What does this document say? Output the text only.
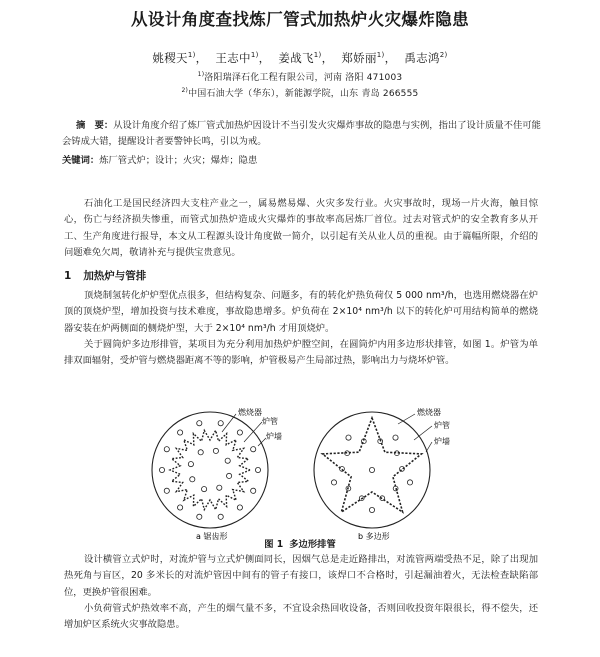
从设计角度查找炼厂管式加热炉火灾爆炸隐患
姚稷天$^{1)}$， 王志中$^{1)}$， 姜战飞$^{1)}$， 郑娇丽$^{1)}$， 禹志鸿$^{2)}$
$^{1)}$洛阳瑞泽石化工程有限公司，河南 洛阳 471003
$^{2)}$中国石油大学（华东），新能源学院，山东 青岛 266555
摘　要：从设计角度介绍了炼厂管式加热炉因设计不当引发火灾爆炸事故的隐患与实例，指出了设计质量不佳可能会铸成大错，提醒设计者要警钟长鸣，引以为戒。
关键词：炼厂管式炉；设计；火灾；爆炸；隐患
石油化工是国民经济四大支柱产业之一，属易燃易爆、火灾多发行业。火灾事故时，现场一片火海，触目惊心，伤亡与经济损失惨重，而管式加热炉造成火灾爆炸的事故率高居炼厂首位。过去对管式炉的安全教育多从开工、生产角度进行报导，本文从工程源头设计角度做一简介，以引起有关从业人员的重视。由于篇幅所限，介绍的问题难免欠周，敬请补充与提供宝贵意见。
1 加热炉与管排
顶烧制氢转化炉炉型优点很多，但结构复杂、问题多，有的转化炉热负荷仅 5 000 nm³/h，也选用燃烧器在炉顶的顶烧炉型，增加投资与技术难度，事故隐患增多。炉负荷在 2×10⁴ nm³/h 以下的转化炉可用结构简单的燃烧器安装在炉两侧面的侧烧炉型，大于 2×10⁴ nm³/h 才用顶烧炉。
关于圆筒炉多边形排管，某项目为充分利用加热炉炉膛空间，在圆筒炉内用多边形状排管，如图 1。炉管为单排双面辐射，受炉管与燃烧器距离不等的影响，炉管极易产生局部过热，影响出力与烧坏炉管。
燃烧器
炉管
炉墙
a 锯齿形
燃烧器
炉管
炉墙
b 多边形
图 1 多边形排管
设计横管立式炉时，对流炉管与立式炉侧面同长，因烟气总是走近路排出，对流管两端受热不足，除了出现加热死角与盲区，20 多米长的对流炉管因中间有的管子有接口，该焊口不合格时，引起漏油着火，无法检查缺陷部位，更换炉管很困难。
小负荷管式炉热效率不高，产生的烟气量不多，不宜设余热回收设备，否则回收投资年限很长，得不偿失，还增加炉区系统火灾事故隐患。
